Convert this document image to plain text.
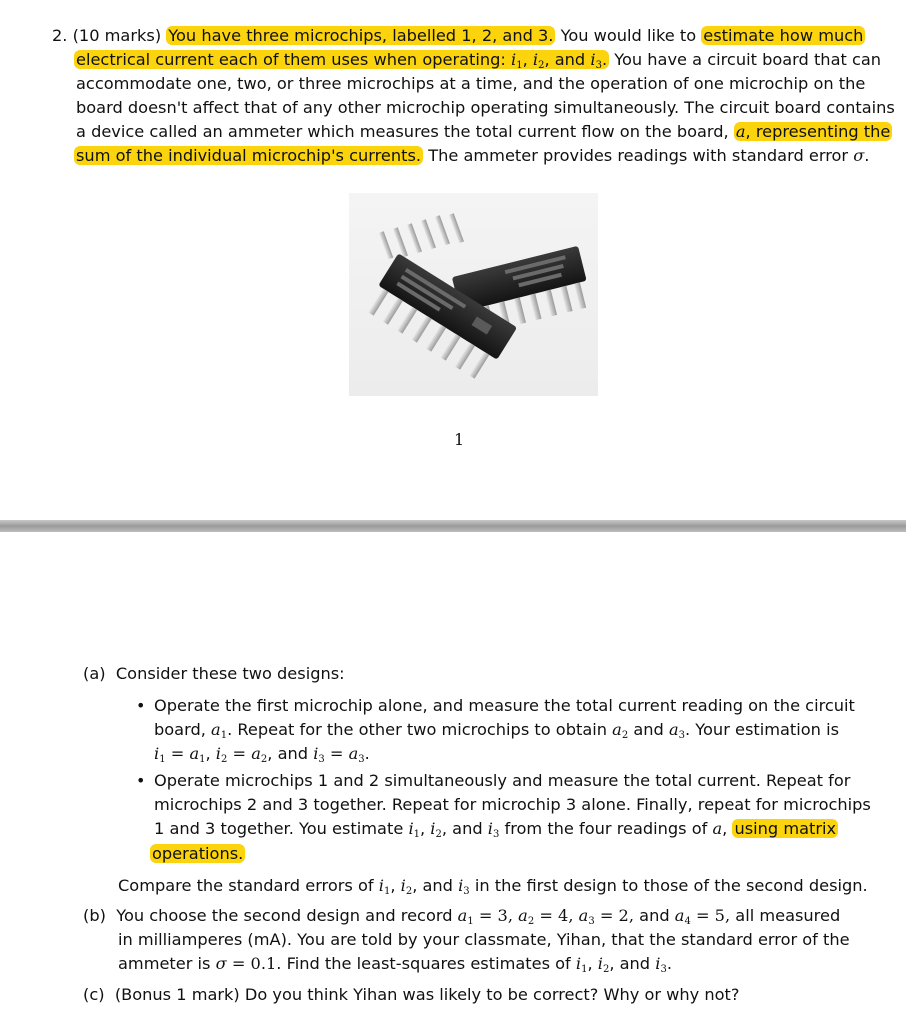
2. (10 marks) You have three microchips, labelled 1, 2, and 3. You would like to estimate how much
electrical current each of them uses when operating: $i_1$, $i_2$, and $i_3$. You have a circuit board that can
accommodate one, two, or three microchips at a time, and the operation of one microchip on the
board doesn't affect that of any other microchip operating simultaneously. The circuit board contains
a device called an ammeter which measures the total current flow on the board, a, representing the
sum of the individual microchip's currents. The ammeter provides readings with standard error σ.
1
(a) Consider these two designs:
• Operate the first microchip alone, and measure the total current reading on the circuit
board, $a_1$. Repeat for the other two microchips to obtain $a_2$ and $a_3$. Your estimation is
$i_1 = a_1$, $i_2 = a_2$, and $i_3 = a_3$.
• Operate microchips 1 and 2 simultaneously and measure the total current. Repeat for
microchips 2 and 3 together. Repeat for microchip 3 alone. Finally, repeat for microchips
1 and 3 together. You estimate $i_1$, $i_2$, and $i_3$ from the four readings of a, using matrix
operations.
Compare the standard errors of $i_1$, $i_2$, and $i_3$ in the first design to those of the second design.
(b) You choose the second design and record $a_1 = 3$, $a_2 = 4$, $a_3 = 2$, and $a_4 = 5$, all measured
in milliamperes (mA). You are told by your classmate, Yihan, that the standard error of the
ammeter is σ = 0.1. Find the least-squares estimates of $i_1$, $i_2$, and $i_3$.
(c) (Bonus 1 mark) Do you think Yihan was likely to be correct? Why or why not?
